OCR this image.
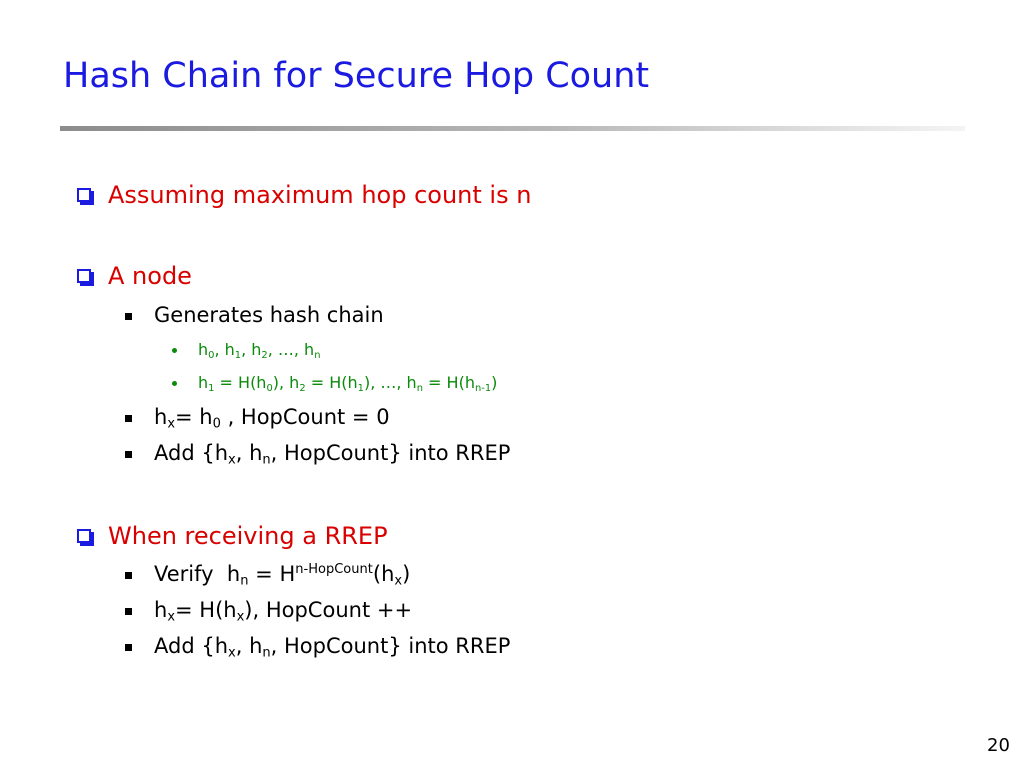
Hash Chain for Secure Hop Count
Assuming maximum hop count is n
A node
Generates hash chain
$h_0$, $h_1$, $h_2$, …, $h_n$
$h_1 = H(h_0)$, $h_2 = H(h_1)$, …, $h_n = H(h_{n-1})$
$h_x= h_0$ , HopCount = 0
Add {$h_x$, $h_n$, HopCount} into RREP
When receiving a RREP
Verify  $h_n = H^{n-HopCount}(h_x)$
$h_x= H(h_x)$, HopCount ++
Add {$h_x$, $h_n$, HopCount} into RREP
20
